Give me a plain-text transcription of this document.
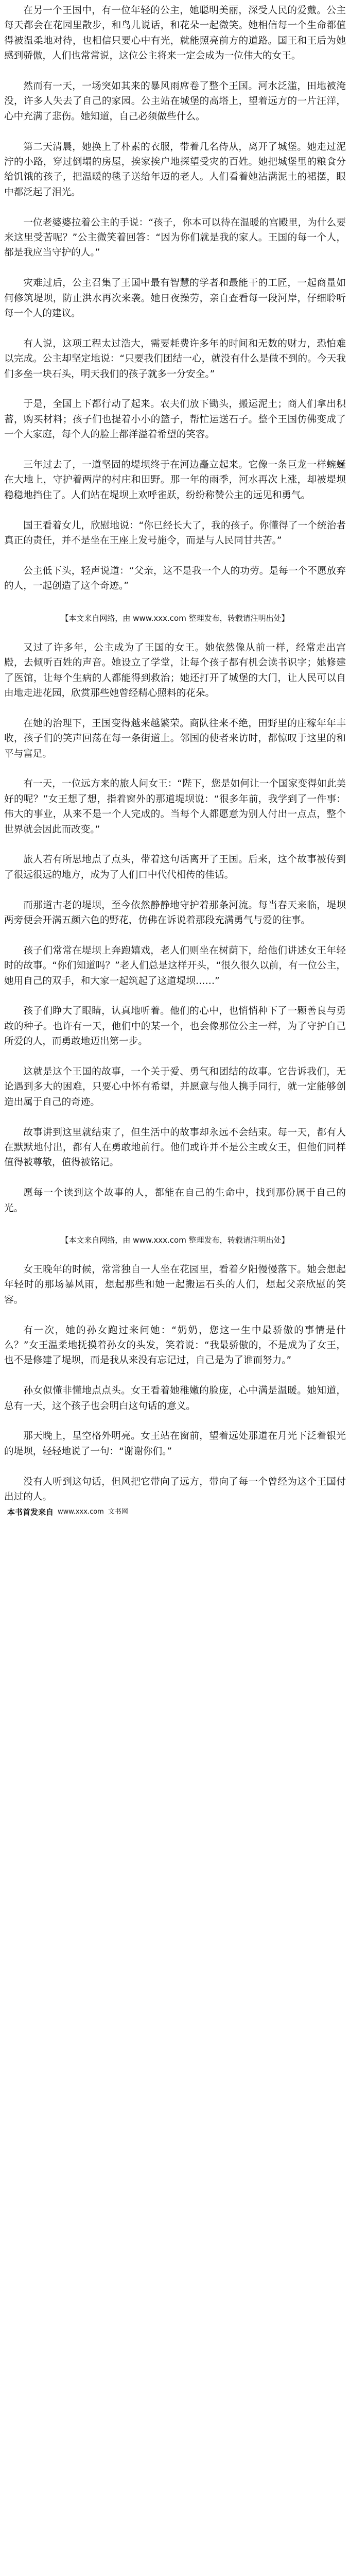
在另一个王国中，有一位年轻的公主，她聪明美丽，深受人民的爱戴。公主每天都会在花园里散步，和鸟儿说话，和花朵一起微笑。她相信每一个生命都值得被温柔地对待，也相信只要心中有光，就能照亮前方的道路。国王和王后为她感到骄傲，人们也常常说，这位公主将来一定会成为一位伟大的女王。

然而有一天，一场突如其来的暴风雨席卷了整个王国。河水泛滥，田地被淹没，许多人失去了自己的家园。公主站在城堡的高塔上，望着远方的一片汪洋，心中充满了悲伤。她知道，自己必须做些什么。

第二天清晨，她换上了朴素的衣服，带着几名侍从，离开了城堡。她走过泥泞的小路，穿过倒塌的房屋，挨家挨户地探望受灾的百姓。她把城堡里的粮食分给饥饿的孩子，把温暖的毯子送给年迈的老人。人们看着她沾满泥土的裙摆，眼中都泛起了泪光。

一位老婆婆拉着公主的手说：“孩子，你本可以待在温暖的宫殿里，为什么要来这里受苦呢？”公主微笑着回答：“因为你们就是我的家人。王国的每一个人，都是我应当守护的人。”

灾难过后，公主召集了王国中最有智慧的学者和最能干的工匠，一起商量如何修筑堤坝，防止洪水再次来袭。她日夜操劳，亲自查看每一段河岸，仔细聆听每一个人的建议。

有人说，这项工程太过浩大，需要耗费许多年的时间和无数的财力，恐怕难以完成。公主却坚定地说：“只要我们团结一心，就没有什么是做不到的。今天我们多垒一块石头，明天我们的孩子就多一分安全。”

于是，全国上下都行动了起来。农夫们放下锄头，搬运泥土；商人们拿出积蓄，购买材料；孩子们也提着小小的篮子，帮忙运送石子。整个王国仿佛变成了一个大家庭，每个人的脸上都洋溢着希望的笑容。

三年过去了，一道坚固的堤坝终于在河边矗立起来。它像一条巨龙一样蜿蜒在大地上，守护着两岸的村庄和田野。那一年的雨季，河水再次上涨，却被堤坝稳稳地挡住了。人们站在堤坝上欢呼雀跃，纷纷称赞公主的远见和勇气。

国王看着女儿，欣慰地说：“你已经长大了，我的孩子。你懂得了一个统治者真正的责任，并不是坐在王座上发号施令，而是与人民同甘共苦。”

公主低下头，轻声说道：“父亲，这不是我一个人的功劳。是每一个不愿放弃的人，一起创造了这个奇迹。”

【本文来自网络，由 www.xxx.com 整理发布，转载请注明出处】

又过了许多年，公主成为了王国的女王。她依然像从前一样，经常走出宫殿，去倾听百姓的声音。她设立了学堂，让每个孩子都有机会读书识字；她修建了医馆，让每个生病的人都能得到救治；她还打开了城堡的大门，让人民可以自由地走进花园，欣赏那些她曾经精心照料的花朵。

在她的治理下，王国变得越来越繁荣。商队往来不绝，田野里的庄稼年年丰收，孩子们的笑声回荡在每一条街道上。邻国的使者来访时，都惊叹于这里的和平与富足。

有一天，一位远方来的旅人问女王：“陛下，您是如何让一个国家变得如此美好的呢？”女王想了想，指着窗外的那道堤坝说：“很多年前，我学到了一件事：伟大的事业，从来不是一个人完成的。当每个人都愿意为别人付出一点点，整个世界就会因此而改变。”

旅人若有所思地点了点头，带着这句话离开了王国。后来，这个故事被传到了很远很远的地方，成为了人们口中代代相传的佳话。

而那道古老的堤坝，至今依然静静地守护着那条河流。每当春天来临，堤坝两旁便会开满五颜六色的野花，仿佛在诉说着那段充满勇气与爱的往事。

孩子们常常在堤坝上奔跑嬉戏，老人们则坐在树荫下，给他们讲述女王年轻时的故事。“你们知道吗？”老人们总是这样开头，“很久很久以前，有一位公主，她用自己的双手，和大家一起筑起了这道堤坝……”

孩子们睁大了眼睛，认真地听着。他们的心中，也悄悄种下了一颗善良与勇敢的种子。也许有一天，他们中的某一个，也会像那位公主一样，为了守护自己所爱的人，而勇敢地迈出第一步。

这就是这个王国的故事，一个关于爱、勇气和团结的故事。它告诉我们，无论遇到多大的困难，只要心中怀有希望，并愿意与他人携手同行，就一定能够创造出属于自己的奇迹。

故事讲到这里就结束了，但生活中的故事却永远不会结束。每一天，都有人在默默地付出，都有人在勇敢地前行。他们或许并不是公主或女王，但他们同样值得被尊敬，值得被铭记。

愿每一个读到这个故事的人，都能在自己的生命中，找到那份属于自己的光。

【本文来自网络，由 www.xxx.com 整理发布，转载请注明出处】

女王晚年的时候，常常独自一人坐在花园里，看着夕阳慢慢落下。她会想起年轻时的那场暴风雨，想起那些和她一起搬运石头的人们，想起父亲欣慰的笑容。

有一次，她的孙女跑过来问她：“奶奶，您这一生中最骄傲的事情是什么？”女王温柔地抚摸着孙女的头发，笑着说：“我最骄傲的，不是成为了女王，也不是修建了堤坝，而是我从来没有忘记过，自己是为了谁而努力。”

孙女似懂非懂地点点头。女王看着她稚嫩的脸庞，心中满是温暖。她知道，总有一天，这个孩子也会明白这句话的意义。

那天晚上，星空格外明亮。女王站在窗前，望着远处那道在月光下泛着银光的堤坝，轻轻地说了一句：“谢谢你们。”

没有人听到这句话，但风把它带向了远方，带向了每一个曾经为这个王国付出过的人。

本书首发来自 www.xxx.com 文书网
